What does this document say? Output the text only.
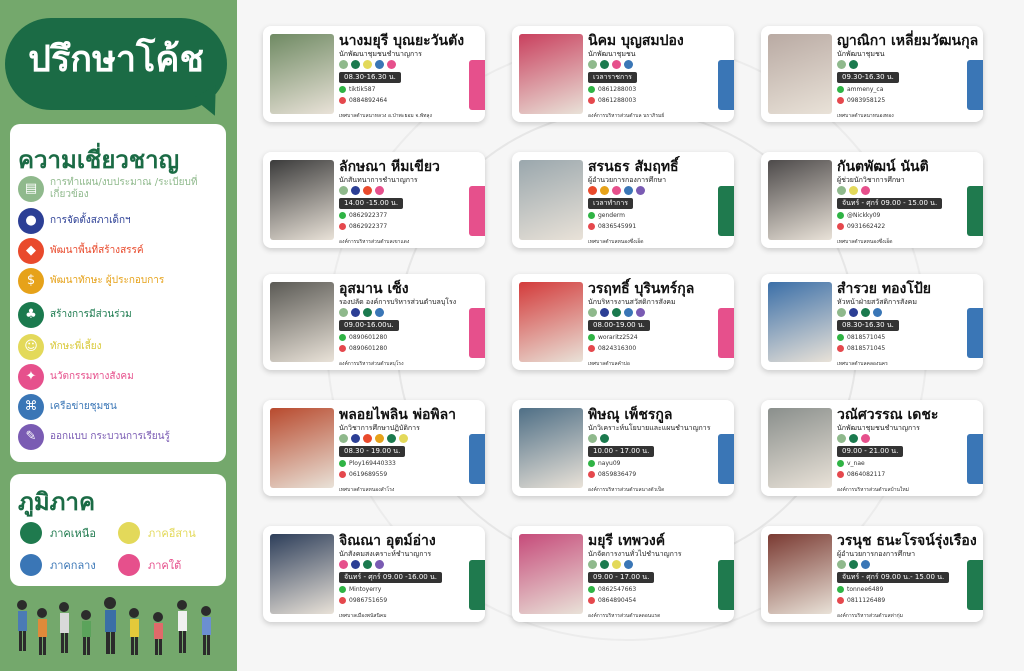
ปรึกษาโค้ช
ความเชี่ยวชาญ
▤	การทำแผน/งบประมาณ /ระเบียบที่เกี่ยวข้อง
●	การจัดตั้งสภาเด็กฯ
◆	พัฒนาพื้นที่สร้างสรรค์
$	พัฒนาทักษะ ผู้ประกอบการ
♣	สร้างการมีส่วนร่วม
☺	ทักษะพี่เลี้ยง
✦	นวัตกรรมทางสังคม
⌘	เครือข่ายชุมชน
✎	ออกแบบ กระบวนการเรียนรู้
ภูมิภาค
ภาคเหนือ	ภาคอีสาน
ภาคกลาง	ภาคใต้
นางมยุรี บุณยะวันตัง
นักพัฒนาชุมชนชำนาญการ
08.30-16.30 น.
tiktik587
0884892464
เทศบาลตำบลนาหลวง อ.ป่าพะยอม จ.พัทลุง
นิคม บุญสมปอง
นักพัฒนาชุมชน
เวลาราชการ
0861288003
0861288003
องค์การบริหารส่วนตำบล นราภิรมย์
ญาณิกา เหลี่ยมวัฒนกุล
นักพัฒนาชุมชน
09.30-16.30 น.
ammeny_ca
0983958125
เทศบาลตำบลนาหนองทอง
ลักษณา หีมเขียว
นักสันทนาการชำนาญการ
14.00 -15.00 น.
0862922377
0862922377
องค์การบริหารส่วนตำบลเขาแดง
สรนธร สัมฤทธิ์
ผู้อำนวยการกองการศึกษา
เวลาทำการ
genderm
0836545991
เทศบาลตำบลหนองซึ่งเอ็ด
กันตพัฒน์ นันติ
ผู้ช่วยนักวิชาการศึกษา
จันทร์ - ศุกร์ 09.00 - 15.00 น.
@Nickky09
0931662422
เทศบาลตำบลหนองซึ่งเอ็ด
อุสมาน เซ็ง
รองปลัด องค์การบริหารส่วนตำบลบุโรง
09.00-16.00น.
0890601280
0890601280
องค์การบริหารส่วนตำบลบุโรง
วรฤทธิ์ บุรินทร์กุล
นักบริหารงานสวัสดิการสังคม
08.00-19.00 น.
woraritz2524
0824316300
เทศบาลตำบลคำบ่อ
สำรวย ทองโป้ย
หัวหน้าฝ่ายสวัสดิการสังคม
08.30-16.30 น.
0818571045
0818571045
เทศบาลตำบลคลองนคร
พลอยไพลิน พ่อพิลา
นักวิชาการศึกษาปฏิบัติการ
08.30 - 19.00 น.
Ploy169440333
0619689559
เทศบาลตำบลหนองสำโรง
พิษณุ เพ็ชรกูล
นักวิเคราะห์นโยบายและแผนชำนาญการ
10.00 - 17.00 น.
nayu09
0859836479
องค์การบริหารส่วนตำบลนางตัวเป็ด
วณัศวรรณ เดชะ
นักพัฒนาชุมชนชำนาญการ
09.00 - 21.00 น.
v_nae
0864082117
องค์การบริหารส่วนตำบลบ้านใหม่
จิณณา อุตม์อ่าง
นักสังคมสงเคราะห์ชำนาญการ
จันทร์ - ศุกร์ 09.00 -16.00 น.
Mintoyerry
0986751659
เทศบาลเมืองพนัสนิคม
มยุรี เทพวงค์
นักจัดการงานทั่วไปชำนาญการ
09.00 - 17.00 น.
0862547663
0864890454
องค์การบริหารส่วนตำบลดอนแรด
วรนุช ธนะโรจน์รุ่งเรือง
ผู้อำนวยการกองการศึกษา
จันทร์ - ศุกร์ 09.00 น.- 15.00 น.
tonnee6489
0811126489
องค์การบริหารส่วนตำบลท่ากุ่ม
